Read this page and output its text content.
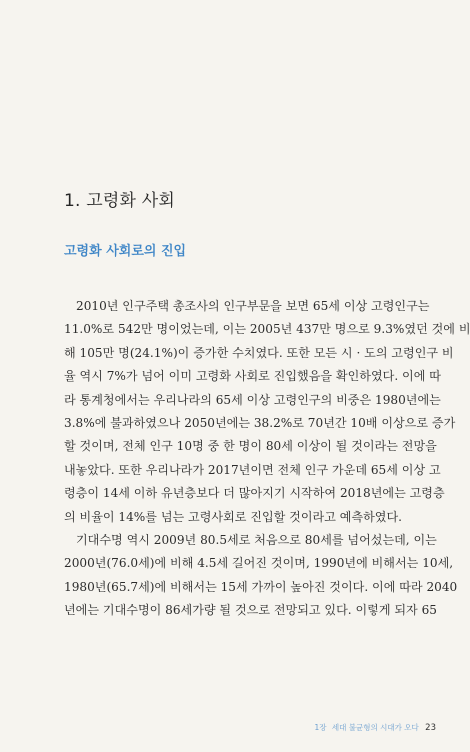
1. 고령화 사회
고령화 사회로의 진입
2010년 인구주택 총조사의 인구부문을 보면 65세 이상 고령인구는
11.0%로 542만 명이었는데, 이는 2005년 437만 명으로 9.3%였던 것에 비
해 105만 명(24.1%)이 증가한 수치였다. 또한 모든 시 · 도의 고령인구 비
율 역시 7%가 넘어 이미 고령화 사회로 진입했음을 확인하였다. 이에 따
라 통계청에서는 우리나라의 65세 이상 고령인구의 비중은 1980년에는
3.8%에 불과하였으나 2050년에는 38.2%로 70년간 10배 이상으로 증가
할 것이며, 전체 인구 10명 중 한 명이 80세 이상이 될 것이라는 전망을
내놓았다. 또한 우리나라가 2017년이면 전체 인구 가운데 65세 이상 고
령층이 14세 이하 유년층보다 더 많아지기 시작하여 2018년에는 고령층
의 비율이 14%를 넘는 고령사회로 진입할 것이라고 예측하였다.
기대수명 역시 2009년 80.5세로 처음으로 80세를 넘어섰는데, 이는
2000년(76.0세)에 비해 4.5세 길어진 것이며, 1990년에 비해서는 10세,
1980년(65.7세)에 비해서는 15세 가까이 높아진 것이다. 이에 따라 2040
년에는 기대수명이 86세가량 될 것으로 전망되고 있다. 이렇게 되자 65
1장 세대 불균형의 시대가 오다 23
